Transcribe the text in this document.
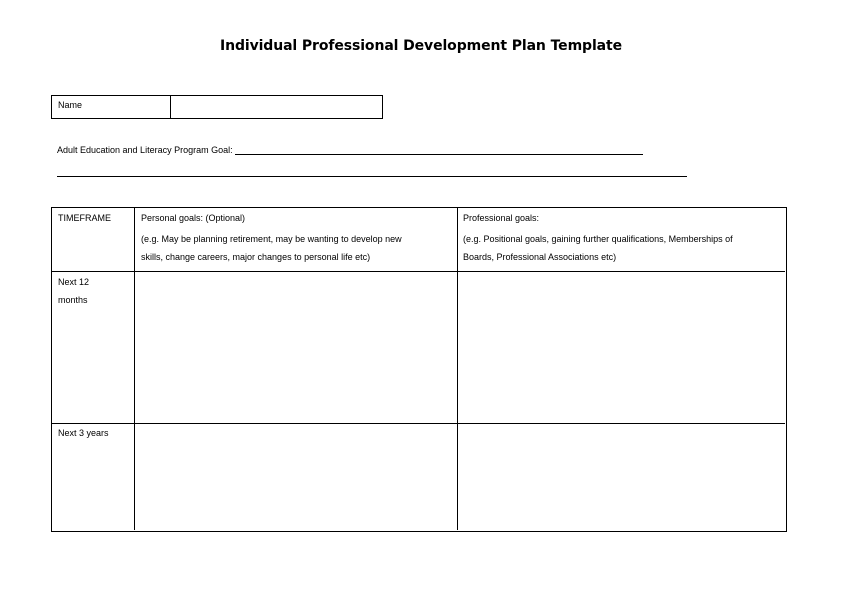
Individual Professional Development Plan Template
Name
Adult Education and Literacy Program Goal:
TIMEFRAME	Personal goals: (Optional)
(e.g. May be planning retirement, may be wanting to develop new
skills, change careers, major changes to personal life etc)
Professional goals:
(e.g. Positional goals, gaining further qualifications, Memberships of
Boards, Professional Associations etc)
Next 12
months
Next 3 years
